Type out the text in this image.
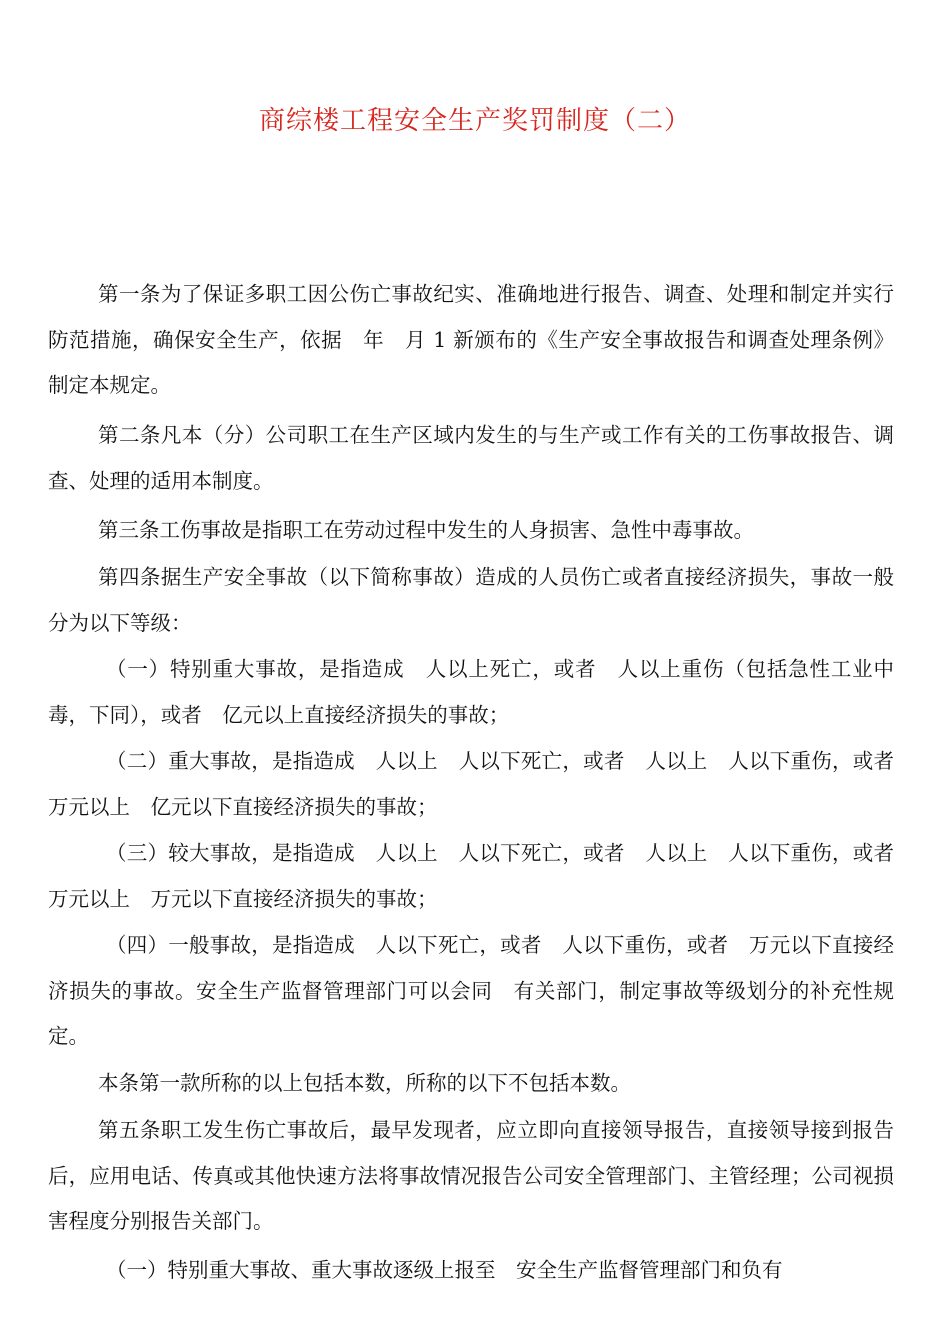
商综楼工程安全生产奖罚制度（二）

第一条为了保证多职工因公伤亡事故纪实、准确地进行报告、调查、处理和制定并实行防范措施，确保安全生产，依据　年　月 1 新颁布的《生产安全事故报告和调查处理条例》制定本规定。

第二条凡本（分）公司职工在生产区域内发生的与生产或工作有关的工伤事故报告、调查、处理的适用本制度。

第三条工伤事故是指职工在劳动过程中发生的人身损害、急性中毒事故。

第四条据生产安全事故（以下简称事故）造成的人员伤亡或者直接经济损失，事故一般分为以下等级：

（一）特别重大事故，是指造成　人以上死亡，或者　人以上重伤（包括急性工业中毒，下同），或者　亿元以上直接经济损失的事故；

（二）重大事故，是指造成　人以上　人以下死亡，或者　人以上　人以下重伤，或者　万元以上　亿元以下直接经济损失的事故；

（三）较大事故，是指造成　人以上　人以下死亡，或者　人以上　人以下重伤，或者　万元以上　万元以下直接经济损失的事故；

（四）一般事故，是指造成　人以下死亡，或者　人以下重伤，或者　万元以下直接经济损失的事故。安全生产监督管理部门可以会同　有关部门，制定事故等级划分的补充性规定。

本条第一款所称的以上包括本数，所称的以下不包括本数。

第五条职工发生伤亡事故后，最早发现者，应立即向直接领导报告，直接领导接到报告后，应用电话、传真或其他快速方法将事故情况报告公司安全管理部门、主管经理；公司视损害程度分别报告关部门。

（一）特别重大事故、重大事故逐级上报至　安全生产监督管理部门和负有
